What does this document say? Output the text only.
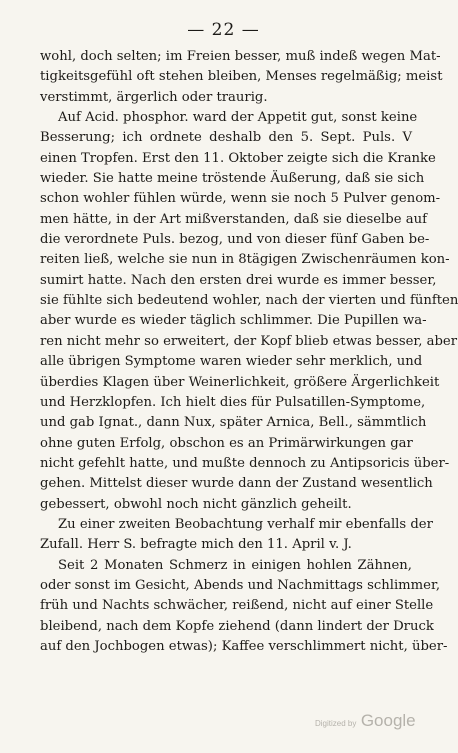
— 22 —
wohl, doch selten; im Freien besser, muß indeß wegen Mat-
tigkeitsgefühl oft stehen bleiben, Menses regelmäßig; meist
verstimmt, ärgerlich oder traurig.
Auf Acid. phosphor. ward der Appetit gut, sonst keine
Besserung; ich ordnete deshalb den 5. Sept. Puls. V
einen Tropfen. Erst den 11. Oktober zeigte sich die Kranke
wieder. Sie hatte meine tröstende Äußerung, daß sie sich
schon wohler fühlen würde, wenn sie noch 5 Pulver genom-
men hätte, in der Art mißverstanden, daß sie dieselbe auf
die verordnete Puls. bezog, und von dieser fünf Gaben be-
reiten ließ, welche sie nun in 8tägigen Zwischenräumen kon-
sumirt hatte. Nach den ersten drei wurde es immer besser,
sie fühlte sich bedeutend wohler, nach der vierten und fünften
aber wurde es wieder täglich schlimmer. Die Pupillen wa-
ren nicht mehr so erweitert, der Kopf blieb etwas besser, aber
alle übrigen Symptome waren wieder sehr merklich, und
überdies Klagen über Weinerlichkeit, größere Ärgerlichkeit
und Herzklopfen. Ich hielt dies für Pulsatillen-Symptome,
und gab Ignat., dann Nux, später Arnica, Bell., sämmtlich
ohne guten Erfolg, obschon es an Primärwirkungen gar
nicht gefehlt hatte, und mußte dennoch zu Antipsoricis über-
gehen. Mittelst dieser wurde dann der Zustand wesentlich
gebessert, obwohl noch nicht gänzlich geheilt.
Zu einer zweiten Beobachtung verhalf mir ebenfalls der
Zufall. Herr S. befragte mich den 11. April v. J.
Seit 2 Monaten Schmerz in einigen hohlen Zähnen,
oder sonst im Gesicht, Abends und Nachmittags schlimmer,
früh und Nachts schwächer, reißend, nicht auf einer Stelle
bleibend, nach dem Kopfe ziehend (dann lindert der Druck
auf den Jochbogen etwas); Kaffee verschlimmert nicht, über-
Digitized by Google
